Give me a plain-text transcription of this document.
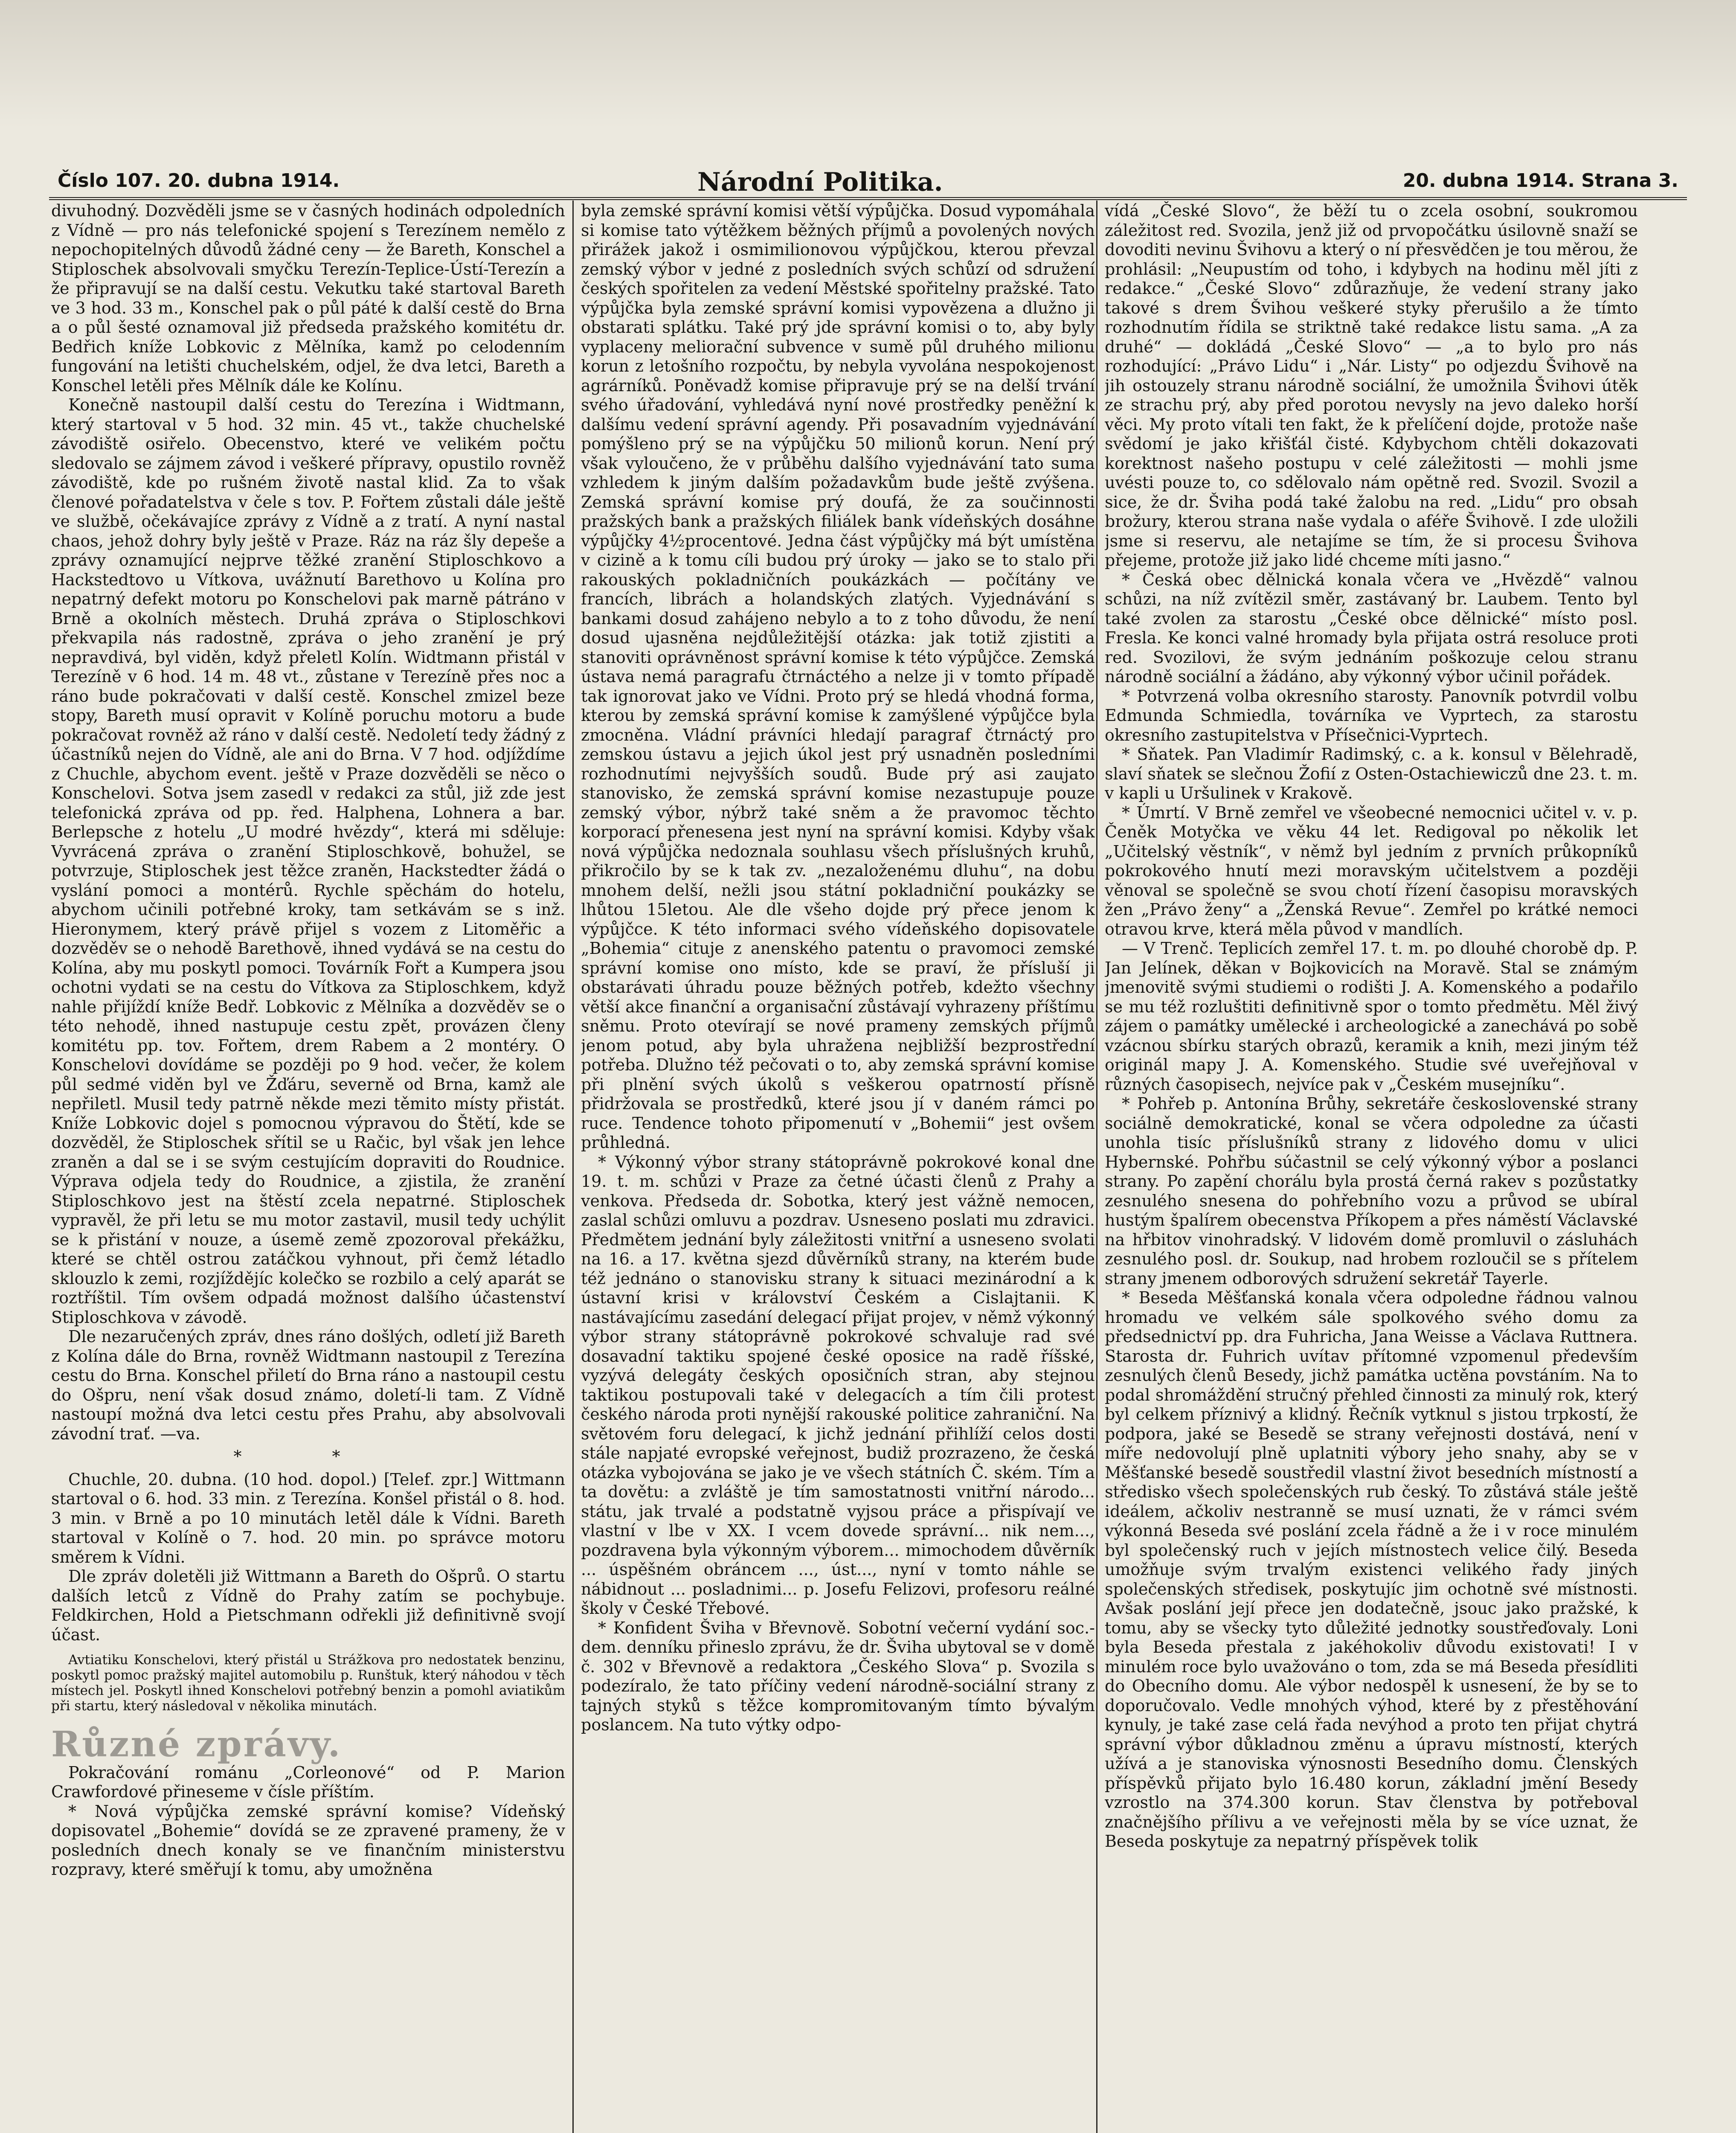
Číslo 107. 20. dubna 1914.	Národní Politika.	20. dubna 1914. Strana 3.

divuhodný. Dozvěděli jsme se v časných hodinách odpoledních z Vídně — pro nás telefonické spojení s Terezínem nemělo z nepochopitelných důvodů žádné ceny — že Bareth, Konschel a Stiploschek absolvovali smyčku Terezín-Teplice-Ústí-Terezín a že připravují se na další cestu. Vekutku také startoval Bareth ve 3 hod. 33 m., Konschel pak o půl páté k další cestě do Brna a o půl šesté oznamoval již předseda pražského komitétu dr. Bedřich kníže Lobkovic z Mělníka, kamž po celodenním fungování na letišti chuchelském, odjel, že dva letci, Bareth a Konschel letěli přes Mělník dále ke Kolínu.

Konečně nastoupil další cestu do Terezína i Widtmann, který startoval v 5 hod. 32 min. 45 vt., takže chuchelské závodiště osiřelo. Obecenstvo, které ve velikém počtu sledovalo se zájmem závod i veškeré přípravy, opustilo rovněž závodiště, kde po rušném životě nastal klid. Za to však členové pořadatelstva v čele s tov. P. Fořtem zůstali dále ještě ve službě, očekávajíce zprávy z Vídně a z tratí. A nyní nastal chaos, jehož dohry byly ještě v Praze. Ráz na ráz šly depeše a zprávy oznamující nejprve těžké zranění Stiploschkovo a Hackstedtovo u Vítkova, uvážnutí Barethovo u Kolína pro nepatrný defekt motoru po Konschelovi pak marně pátráno v Brně a okolních městech. Druhá zpráva o Stiploschkovi překvapila nás radostně, zpráva o jeho zranění je prý nepravdivá, byl viděn, když přeletl Kolín. Widtmann přistál v Terezíně v 6 hod. 14 m. 48 vt., zůstane v Terezíně přes noc a ráno bude pokračovati v další cestě. Konschel zmizel beze stopy, Bareth musí opravit v Kolíně poruchu motoru a bude pokračovat rovněž až ráno v další cestě. Nedoletí tedy žádný z účastníků nejen do Vídně, ale ani do Brna. V 7 hod. odjíždíme z Chuchle, abychom event. ještě v Praze dozvěděli se něco o Konschelovi. Sotva jsem zasedl v redakci za stůl, již zde jest telefonická zpráva od pp. řed. Halphena, Lohnera a bar. Berlepsche z hotelu „U modré hvězdy“, která mi sděluje: Vyvrácená zpráva o zranění Stiploschkově, bohužel, se potvrzuje, Stiploschek jest těžce zraněn, Hackstedter žádá o vyslání pomoci a montérů. Rychle spěchám do hotelu, abychom učinili potřebné kroky, tam setkávám se s inž. Hieronymem, který právě přijel s vozem z Litoměřic a dozvěděv se o nehodě Barethově, ihned vydává se na cestu do Kolína, aby mu poskytl pomoci. Továrník Fořt a Kumpera jsou ochotni vydati se na cestu do Vítkova za Stiploschkem, když nahle přijíždí kníže Bedř. Lobkovic z Mělníka a dozvěděv se o této nehodě, ihned nastupuje cestu zpět, provázen členy komitétu pp. tov. Fořtem, drem Rabem a 2 montéry. O Konschelovi dovídáme se později po 9 hod. večer, že kolem půl sedmé viděn byl ve Žďáru, severně od Brna, kamž ale nepřiletl. Musil tedy patrně někde mezi těmito místy přistát. Kníže Lobkovic dojel s pomocnou výpravou do Štětí, kde se dozvěděl, že Stiploschek sřítil se u Račic, byl však jen lehce zraněn a dal se i se svým cestujícím dopraviti do Roudnice. Výprava odjela tedy do Roudnice, a zjistila, že zranění Stiploschkovo jest na štěstí zcela nepatrné. Stiploschek vypravěl, že při letu se mu motor zastavil, musil tedy uchýlit se k přistání v nouze, a úsemě země zpozoroval překážku, které se chtěl ostrou zatáčkou vyhnout, při čemž létadlo sklouzlo k zemi, rozjíždějíc kolečko se rozbilo a celý aparát se roztříštil. Tím ovšem odpadá možnost dalšího účastenství Stiploschkova v závodě.

Dle nezaručených zpráv, dnes ráno došlých, odletí již Bareth z Kolína dále do Brna, rovněž Widtmann nastoupil z Terezína cestu do Brna. Konschel přiletí do Brna ráno a nastoupil cestu do Ošpru, není však dosud známo, doletí-li tam. Z Vídně nastoupí možná dva letci cestu přes Prahu, aby absolvovali závodní trať. —va.

* *

Chuchle, 20. dubna. (10 hod. dopol.) [Telef. zpr.] Wittmann startoval o 6. hod. 33 min. z Terezína. Konšel přistál o 8. hod. 3 min. v Brně a po 10 minutách letěl dále k Vídni. Bareth startoval v Kolíně o 7. hod. 20 min. po správce motoru směrem k Vídni.

Dle zpráv doletěli již Wittmann a Bareth do Ošprů. O startu dalších letců z Vídně do Prahy zatím se pochybuje. Feldkirchen, Hold a Pietschmann odřekli již definitivně svojí účast.

Avtiatiku Konschelovi, který přistál u Strážkova pro nedostatek benzinu, poskytl pomoc pražský majitel automobilu p. Runštuk, který náhodou v těch místech jel. Poskytl ihned Konschelovi potřebný benzin a pomohl aviatikům při startu, který následoval v několika minutách.

Různé zprávy.

Pokračování románu „Corleonové“ od P. Marion Crawfordové přineseme v čísle příštím.

* Nová výpůjčka zemské správní komise? Vídeňský dopisovatel „Bohemie“ dovídá se ze zpravené prameny, že v posledních dnech konaly se ve finančním ministerstvu rozpravy, které směřují k tomu, aby umožněna

byla zemské správní komisi větší výpůjčka. Dosud vypomáhala si komise tato výtěžkem běžných příjmů a povolených nových přirážek jakož i osmimilionovou výpůjčkou, kterou převzal zemský výbor v jedné z posledních svých schůzí od sdružení českých spořitelen za vedení Městské spořitelny pražské. Tato výpůjčka byla zemské správní komisi vypovězena a dlužno ji obstarati splátku. Také prý jde správní komisi o to, aby byly vyplaceny meliorační subvence v sumě půl druhého milionu korun z letošního rozpočtu, by nebyla vyvolána nespokojenost agrárníků. Poněvadž komise připravuje prý se na delší trvání svého úřadování, vyhledává nyní nové prostředky peněžní k dalšímu vedení správní agendy. Při posavadním vyjednávání pomýšleno prý se na výpůjčku 50 milionů korun. Není prý však vyloučeno, že v průběhu dalšího vyjednávání tato suma vzhledem k jiným dalším požadavkům bude ještě zvýšena. Zemská správní komise prý doufá, že za součinnosti pražských bank a pražských filiálek bank vídeňských dosáhne výpůjčky 4½procentové. Jedna část výpůjčky má být umístěna v cizině a k tomu cíli budou prý úroky — jako se to stalo při rakouských pokladničních poukázkách — počítány ve francích, librách a holandských zlatých. Vyjednávání s bankami dosud zahájeno nebylo a to z toho důvodu, že není dosud ujasněna nejdůležitější otázka: jak totiž zjistiti a stanoviti oprávněnost správní komise k této výpůjčce. Zemská ústava nemá paragrafu čtrnáctého a nelze ji v tomto případě tak ignorovat jako ve Vídni. Proto prý se hledá vhodná forma, kterou by zemská správní komise k zamýšlené výpůjčce byla zmocněna. Vládní právníci hledají paragraf čtrnáctý pro zemskou ústavu a jejich úkol jest prý usnadněn posledními rozhodnutími nejvyšších soudů. Bude prý asi zaujato stanovisko, že zemská správní komise nezastupuje pouze zemský výbor, nýbrž také sněm a že pravomoc těchto korporací přenesena jest nyní na správní komisi. Kdyby však nová výpůjčka nedoznala souhlasu všech příslušných kruhů, přikročilo by se k tak zv. „nezaloženému dluhu“, na dobu mnohem delší, nežli jsou státní pokladniční poukázky se lhůtou 15letou. Ale dle všeho dojde prý přece jenom k výpůjčce. K této informaci svého vídeňského dopisovatele „Bohemia“ cituje z anenského patentu o pravomoci zemské správní komise ono místo, kde se praví, že přísluší ji obstarávati úhradu pouze běžných potřeb, kdežto všechny větší akce finanční a organisační zůstávají vyhrazeny příštímu sněmu. Proto otevírají se nové prameny zemských příjmů jenom potud, aby byla uhražena nejbližší bezprostřední potřeba. Dlužno též pečovati o to, aby zemská správní komise při plnění svých úkolů s veškerou opatrností přísně přidržovala se prostředků, které jsou jí v daném rámci po ruce. Tendence tohoto připomenutí v „Bohemii“ jest ovšem průhledná.

* Výkonný výbor strany státoprávně pokrokové konal dne 19. t. m. schůzi v Praze za četné účasti členů z Prahy a venkova. Předseda dr. Sobotka, který jest vážně nemocen, zaslal schůzi omluvu a pozdrav. Usneseno poslati mu zdravici. Předmětem jednání byly záležitosti vnitřní a usneseno svolati na 16. a 17. května sjezd důvěrníků strany, na kterém bude též jednáno o stanovisku strany k situaci mezinárodní a k ústavní krisi v království Českém a Cislajtanii. K nastávajícímu zasedání delegací přijat projev, v němž výkonný výbor strany státoprávně pokrokové schvaluje rad své dosavadní taktiku spojené české oposice na radě říšské, vyzývá delegáty českých oposičních stran, aby stejnou taktikou postupovali také v delegacích a tím čili protest českého národa proti nynější rakouské politice zahraniční. Na světovém foru delegací, k jichž jednání přihlíží celos dosti stále napjaté evropské veřejnost, budiž prozrazeno, že česká otázka vybojována se jako je ve všech státních Č. ském. Tím a ta dovětu: a zvláště je tím samostatnosti vnitřní národo... státu, jak trvalé a podstatně vyjsou práce a přispívají ve vlastní v lbe v XX. I vcem dovede správní... nik nem..., pozdravena byla výkonným výborem... mimochodem důvěrník ... úspěšném obráncem ..., úst..., nyní v tomto náhle se nábidnout ... posladnimi... p. Josefu Felizovi, profesoru reálné školy v České Třebové.

* Konfident Šviha v Břevnově. Sobotní večerní vydání soc.-dem. denníku přineslo zprávu, že dr. Šviha ubytoval se v domě č. 302 v Břevnově a redaktora „Českého Slova“ p. Svozila s podezíralo, že tato příčiny vedení národně-sociální strany z tajných styků s těžce kompromitovaným tímto bývalým poslancem. Na tuto výtky odpo-

vídá „České Slovo“, že běží tu o zcela osobní, soukromou záležitost red. Svozila, jenž již od prvopočátku úsilovně snaží se dovoditi nevinu Švihovu a který o ní přesvědčen je tou měrou, že prohlásil: „Neupustím od toho, i kdybych na hodinu měl jíti z redakce.“ „České Slovo“ zdůrazňuje, že vedení strany jako takové s drem Švihou veškeré styky přerušilo a že tímto rozhodnutím řídila se striktně také redakce listu sama. „A za druhé“ — dokládá „České Slovo“ — „a to bylo pro nás rozhodující: „Právo Lidu“ i „Nár. Listy“ po odjezdu Švihově na jih ostouzely stranu národně sociální, že umožnila Švihovi útěk ze strachu prý, aby před porotou nevysly na jevo daleko horší věci. My proto vítali ten fakt, že k přelíčení dojde, protože naše svědomí je jako křišťál čisté. Kdybychom chtěli dokazovati korektnost našeho postupu v celé záležitosti — mohli jsme uvésti pouze to, co sdělovalo nám opětně red. Svozil. Svozil a sice, že dr. Šviha podá také žalobu na red. „Lidu“ pro obsah brožury, kterou strana naše vydala o aféře Švihově. I zde uložili jsme si reservu, ale netajíme se tím, že si procesu Švihova přejeme, protože již jako lidé chceme míti jasno.“

* Česká obec dělnická konala včera ve „Hvězdě“ valnou schůzi, na níž zvítězil směr, zastávaný br. Laubem. Tento byl také zvolen za starostu „České obce dělnické“ místo posl. Fresla. Ke konci valné hromady byla přijata ostrá resoluce proti red. Svozilovi, že svým jednáním poškozuje celou stranu národně sociální a žádáno, aby výkonný výbor učinil pořádek.

* Potvrzená volba okresního starosty. Panovník potvrdil volbu Edmunda Schmiedla, továrníka ve Vyprtech, za starostu okresního zastupitelstva v Přísečnici-Vyprtech.

* Sňatek. Pan Vladimír Radimský, c. a k. konsul v Bělehradě, slaví sňatek se slečnou Žofií z Osten-Ostachiewiczů dne 23. t. m. v kapli u Uršulinek v Krakově.

* Úmrtí. V Brně zemřel ve všeobecné nemocnici učitel v. v. p. Čeněk Motyčka ve věku 44 let. Redigoval po několik let „Učitelský věstník“, v němž byl jedním z prvních průkopníků pokrokového hnutí mezi moravským učitelstvem a později věnoval se společně se svou chotí řízení časopisu moravských žen „Právo ženy“ a „Ženská Revue“. Zemřel po krátké nemoci otravou krve, která měla původ v mandlích.

— V Trenč. Teplicích zemřel 17. t. m. po dlouhé chorobě dp. P. Jan Jelínek, děkan v Bojkovicích na Moravě. Stal se známým jmenovitě svými studiemi o rodišti J. A. Komenského a podařilo se mu též rozluštiti definitivně spor o tomto předmětu. Měl živý zájem o památky umělecké i archeologické a zanechává po sobě vzácnou sbírku starých obrazů, keramik a knih, mezi jiným též originál mapy J. A. Komenského. Studie své uveřejňoval v různých časopisech, nejvíce pak v „Českém musejníku“.

* Pohřeb p. Antonína Brůhy, sekretáře československé strany sociálně demokratické, konal se včera odpoledne za účasti unohla tisíc příslušníků strany z lidového domu v ulici Hybernské. Pohřbu súčastnil se celý výkonný výbor a poslanci strany. Po zapění chorálu byla prostá černá rakev s pozůstatky zesnulého snesena do pohřebního vozu a průvod se ubíral hustým špalírem obecenstva Příkopem a přes náměstí Václavské na hřbitov vinohradský. V lidovém domě promluvil o zásluhách zesnulého posl. dr. Soukup, nad hrobem rozloučil se s přítelem strany jmenem odborových sdružení sekretář Tayerle.

* Beseda Měšťanská konala včera odpoledne řádnou valnou hromadu ve velkém sále spolkového svého domu za předsednictví pp. dra Fuhricha, Jana Weisse a Václava Ruttnera. Starosta dr. Fuhrich uvítav přítomné vzpomenul především zesnulých členů Besedy, jichž památka uctěna povstáním. Na to podal shromáždění stručný přehled činnosti za minulý rok, který byl celkem příznivý a klidný. Řečník vytknul s jistou trpkostí, že podpora, jaké se Besedě se strany veřejnosti dostává, není v míře nedovolují plně uplatniti výbory jeho snahy, aby se v Měšťanské besedě soustředil vlastní život besedních místností a středisko všech společenských rub český. To zůstává stále ještě ideálem, ačkoliv nestranně se musí uznati, že v rámci svém výkonná Beseda své poslání zcela řádně a že i v roce minulém byl společenský ruch v jejích místnostech velice čilý. Beseda umožňuje svým trvalým existenci velikého řady jiných společenských středisek, poskytujíc jim ochotně své místnosti. Avšak poslání její přece jen dodatečně, jsouc jako pražské, k tomu, aby se všecky tyto důležité jednotky soustřeďovaly. Loni byla Beseda přestala z jakéhokoliv důvodu existovati! I v minulém roce bylo uvažováno o tom, zda se má Beseda přesídliti do Obecního domu. Ale výbor nedospěl k usnesení, že by se to doporučovalo. Vedle mnohých výhod, které by z přestěhování kynuly, je také zase celá řada nevýhod a proto ten přijat chytrá správní výbor důkladnou změnu a úpravu místností, kterých užívá a je stanoviska výnosnosti Besedního domu. Členských příspěvků přijato bylo 16.480 korun, základní jmění Besedy vzrostlo na 374.300 korun. Stav členstva by potřeboval značnějšího přílivu a ve veřejnosti měla by se více uznat, že Beseda poskytuje za nepatrný příspěvek tolik
